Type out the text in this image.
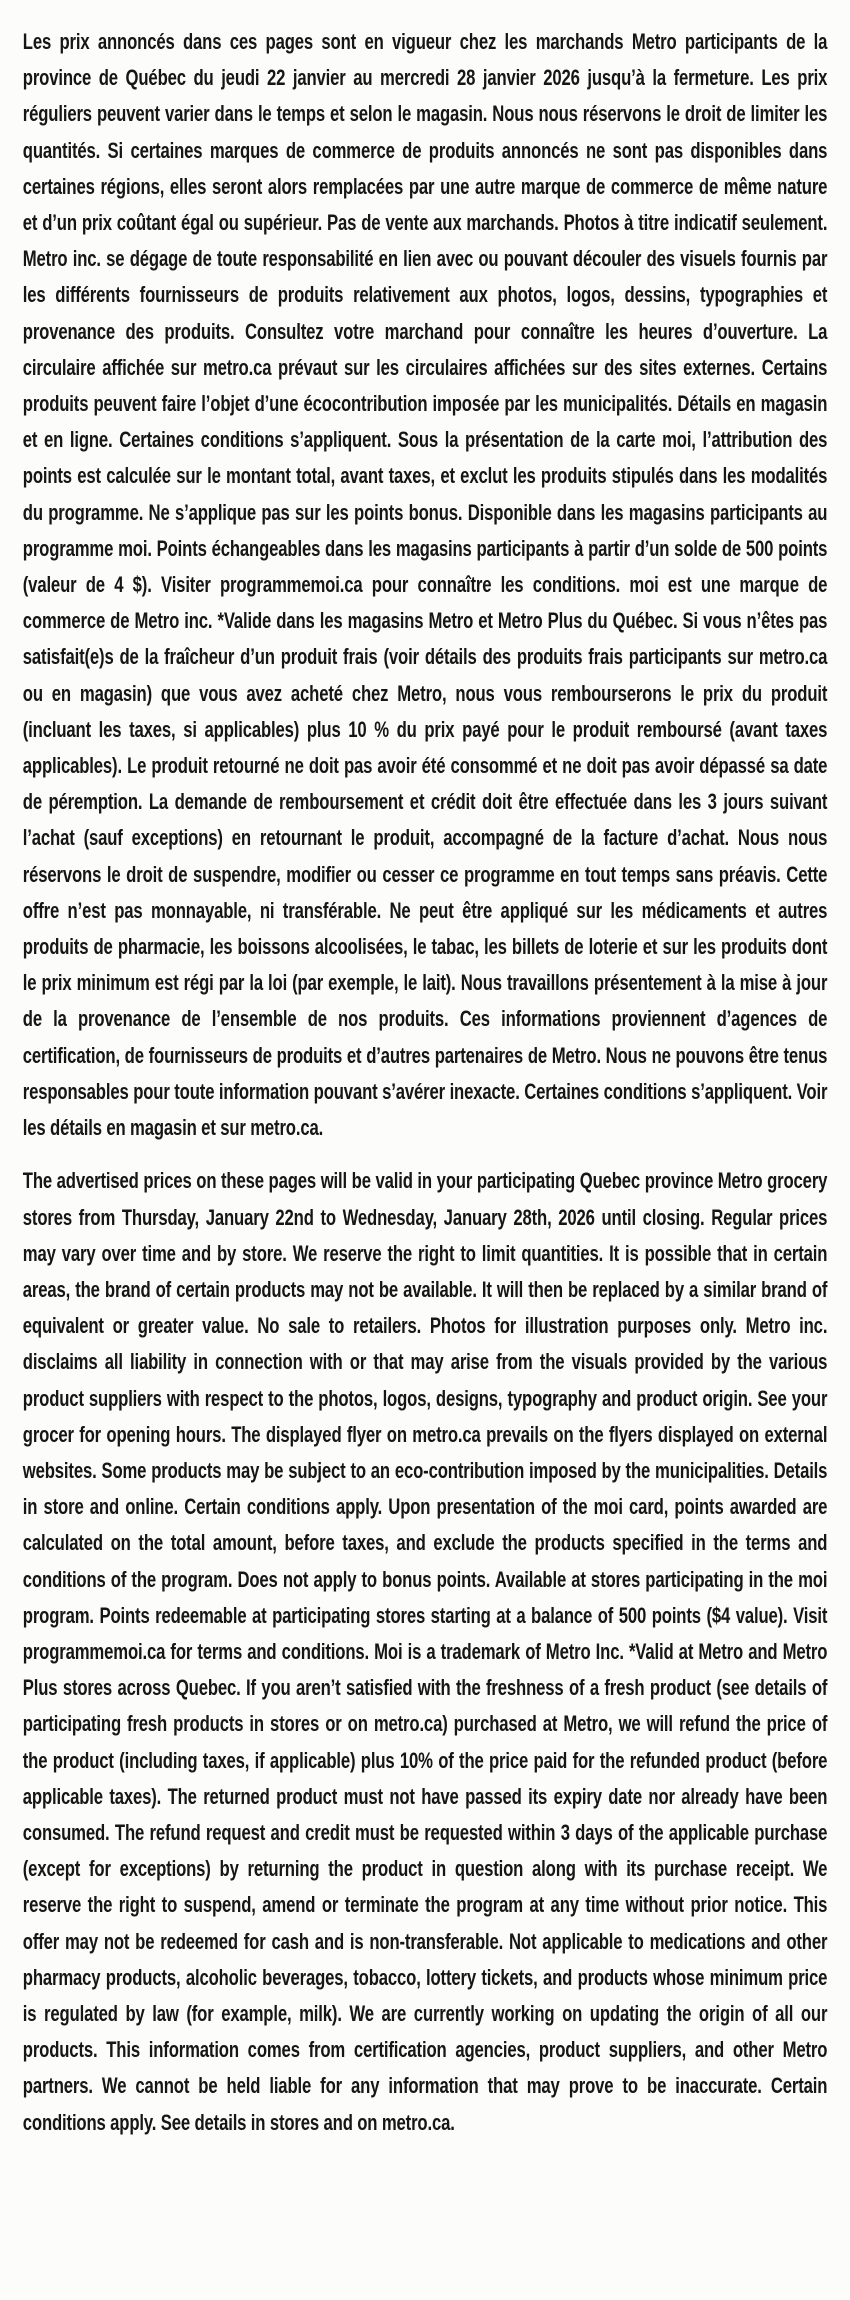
Les prix annoncés dans ces pages sont en vigueur chez les marchands Metro participants de la province de Québec du jeudi 22 janvier au mercredi 28 janvier 2026 jusqu’à la fermeture. Les prix réguliers peuvent varier dans le temps et selon le magasin. Nous nous réservons le droit de limiter les quantités. Si certaines marques de commerce de produits annoncés ne sont pas disponibles dans certaines régions, elles seront alors remplacées par une autre marque de commerce de même nature et d’un prix coûtant égal ou supérieur. Pas de vente aux marchands. Photos à titre indicatif seulement. Metro inc. se dégage de toute responsabilité en lien avec ou pouvant découler des visuels fournis par les différents fournisseurs de produits relativement aux photos, logos, dessins, typographies et provenance des produits. Consultez votre marchand pour connaître les heures d’ouverture. La circulaire affichée sur metro.ca prévaut sur les circulaires affichées sur des sites externes. Certains produits peuvent faire l’objet d’une écocontribution imposée par les municipalités. Détails en magasin et en ligne. Certaines conditions s’appliquent. Sous la présentation de la carte moi, l’attribution des points est calculée sur le montant total, avant taxes, et exclut les produits stipulés dans les modalités du programme. Ne s’applique pas sur les points bonus. Disponible dans les magasins participants au programme moi. Points échangeables dans les magasins participants à partir d’un solde de 500 points (valeur de 4 $). Visiter programmemoi.ca pour connaître les conditions. moi est une marque de commerce de Metro inc. *Valide dans les magasins Metro et Metro Plus du Québec. Si vous n’êtes pas satisfait(e)s de la fraîcheur d’un produit frais (voir détails des produits frais participants sur metro.ca ou en magasin) que vous avez acheté chez Metro, nous vous rembourserons le prix du produit (incluant les taxes, si applicables) plus 10 % du prix payé pour le produit remboursé (avant taxes applicables). Le produit retourné ne doit pas avoir été consommé et ne doit pas avoir dépassé sa date de péremption. La demande de remboursement et crédit doit être effectuée dans les 3 jours suivant l’achat (sauf exceptions) en retournant le produit, accompagné de la facture d’achat. Nous nous réservons le droit de suspendre, modifier ou cesser ce programme en tout temps sans préavis. Cette offre n’est pas monnayable, ni transférable. Ne peut être appliqué sur les médicaments et autres produits de pharmacie, les boissons alcoolisées, le tabac, les billets de loterie et sur les produits dont le prix minimum est régi par la loi (par exemple, le lait). Nous travaillons présentement à la mise à jour de la provenance de l’ensemble de nos produits. Ces informations proviennent d’agences de certification, de fournisseurs de produits et d’autres partenaires de Metro. Nous ne pouvons être tenus responsables pour toute information pouvant s’avérer inexacte. Certaines conditions s’appliquent. Voir les détails en magasin et sur metro.ca.

The advertised prices on these pages will be valid in your participating Quebec province Metro grocery stores from Thursday, January 22nd to Wednesday, January 28th, 2026 until closing. Regular prices may vary over time and by store. We reserve the right to limit quantities. It is possible that in certain areas, the brand of certain products may not be available. It will then be replaced by a similar brand of equivalent or greater value. No sale to retailers. Photos for illustration purposes only. Metro inc. disclaims all liability in connection with or that may arise from the visuals provided by the various product suppliers with respect to the photos, logos, designs, typography and product origin. See your grocer for opening hours. The displayed flyer on metro.ca prevails on the flyers displayed on external websites. Some products may be subject to an eco-contribution imposed by the municipalities. Details in store and online. Certain conditions apply. Upon presentation of the moi card, points awarded are calculated on the total amount, before taxes, and exclude the products specified in the terms and conditions of the program. Does not apply to bonus points. Available at stores participating in the moi program. Points redeemable at participating stores starting at a balance of 500 points ($4 value). Visit programmemoi.ca for terms and conditions. Moi is a trademark of Metro Inc. *Valid at Metro and Metro Plus stores across Quebec. If you aren’t satisfied with the freshness of a fresh product (see details of participating fresh products in stores or on metro.ca) purchased at Metro, we will refund the price of the product (including taxes, if applicable) plus 10% of the price paid for the refunded product (before applicable taxes). The returned product must not have passed its expiry date nor already have been consumed. The refund request and credit must be requested within 3 days of the applicable purchase (except for exceptions) by returning the product in question along with its purchase receipt. We reserve the right to suspend, amend or terminate the program at any time without prior notice. This offer may not be redeemed for cash and is non-transferable. Not applicable to medications and other pharmacy products, alcoholic beverages, tobacco, lottery tickets, and products whose minimum price is regulated by law (for example, milk). We are currently working on updating the origin of all our products. This information comes from certification agencies, product suppliers, and other Metro partners. We cannot be held liable for any information that may prove to be inaccurate. Certain conditions apply. See details in stores and on metro.ca.
